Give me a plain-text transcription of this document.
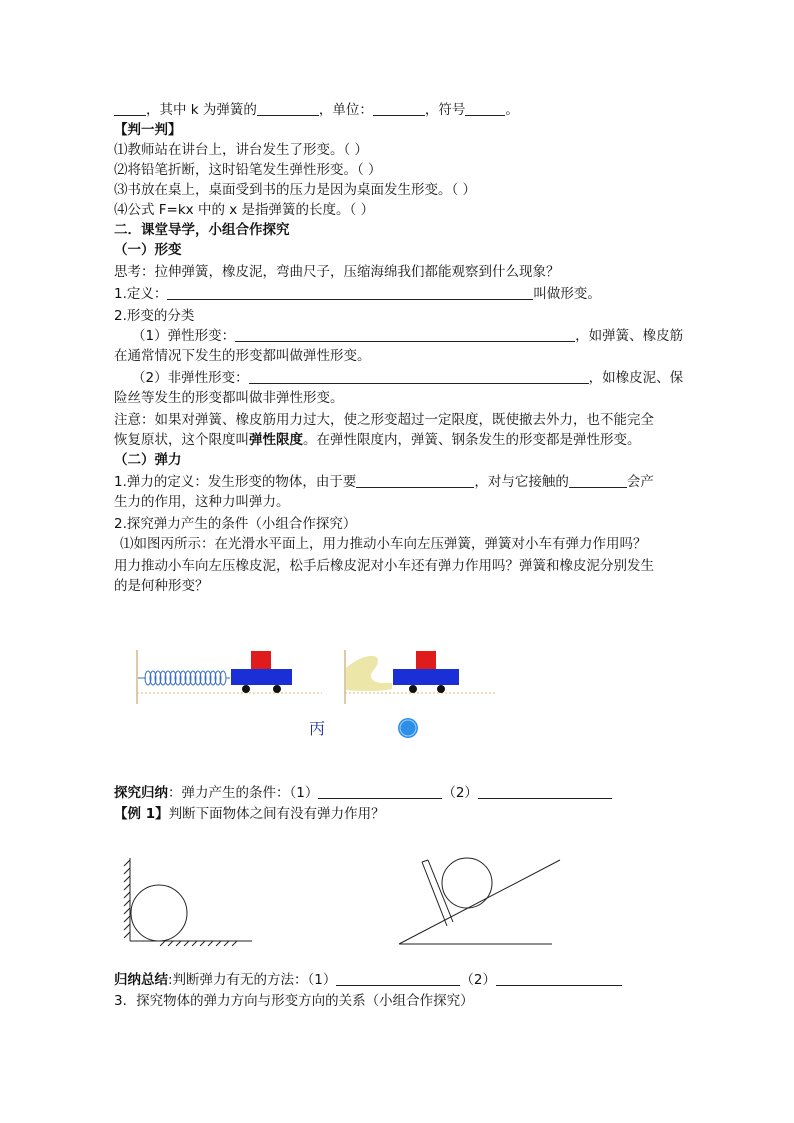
，其中 k 为弹簧的	，单位：	，符号	。
【判一判】
⑴教师站在讲台上，讲台发生了形变。（ ）
⑵将铅笔折断，这时铅笔发生弹性形变。（ ）
⑶书放在桌上，桌面受到书的压力是因为桌面发生形变。（ ）
⑷公式 F=kx 中的 x 是指弹簧的长度。（ ）
二．课堂导学，小组合作探究
（一）形变
思考：拉伸弹簧，橡皮泥，弯曲尺子，压缩海绵我们都能观察到什么现象？
1.定义：	叫做形变。
2.形变的分类
（1）弹性形变：	，如弹簧、橡皮筋
在通常情况下发生的形变都叫做弹性形变。
（2）非弹性形变：	，如橡皮泥、保
险丝等发生的形变都叫做非弹性形变。
注意：如果对弹簧、橡皮筋用力过大，使之形变超过一定限度，既使撤去外力，也不能完全
恢复原状，这个限度叫弹性限度。在弹性限度内，弹簧、钢条发生的形变都是弹性形变。
（二）弹力
1.弹力的定义：发生形变的物体，由于要	，对与它接触的	会产
生力的作用，这种力叫弹力。
2.探究弹力产生的条件（小组合作探究）
⑴如图丙所示：在光滑水平面上，用力推动小车向左压弹簧，弹簧对小车有弹力作用吗？
用力推动小车向左压橡皮泥，松手后橡皮泥对小车还有弹力作用吗？弹簧和橡皮泥分别发生
的是何种形变？
丙
探究归纳：弹力产生的条件：（1）	（2）
【例 1】判断下面物体之间有没有弹力作用？
归纳总结:判断弹力有无的方法：（1）	（2）
3．探究物体的弹力方向与形变方向的关系（小组合作探究）
